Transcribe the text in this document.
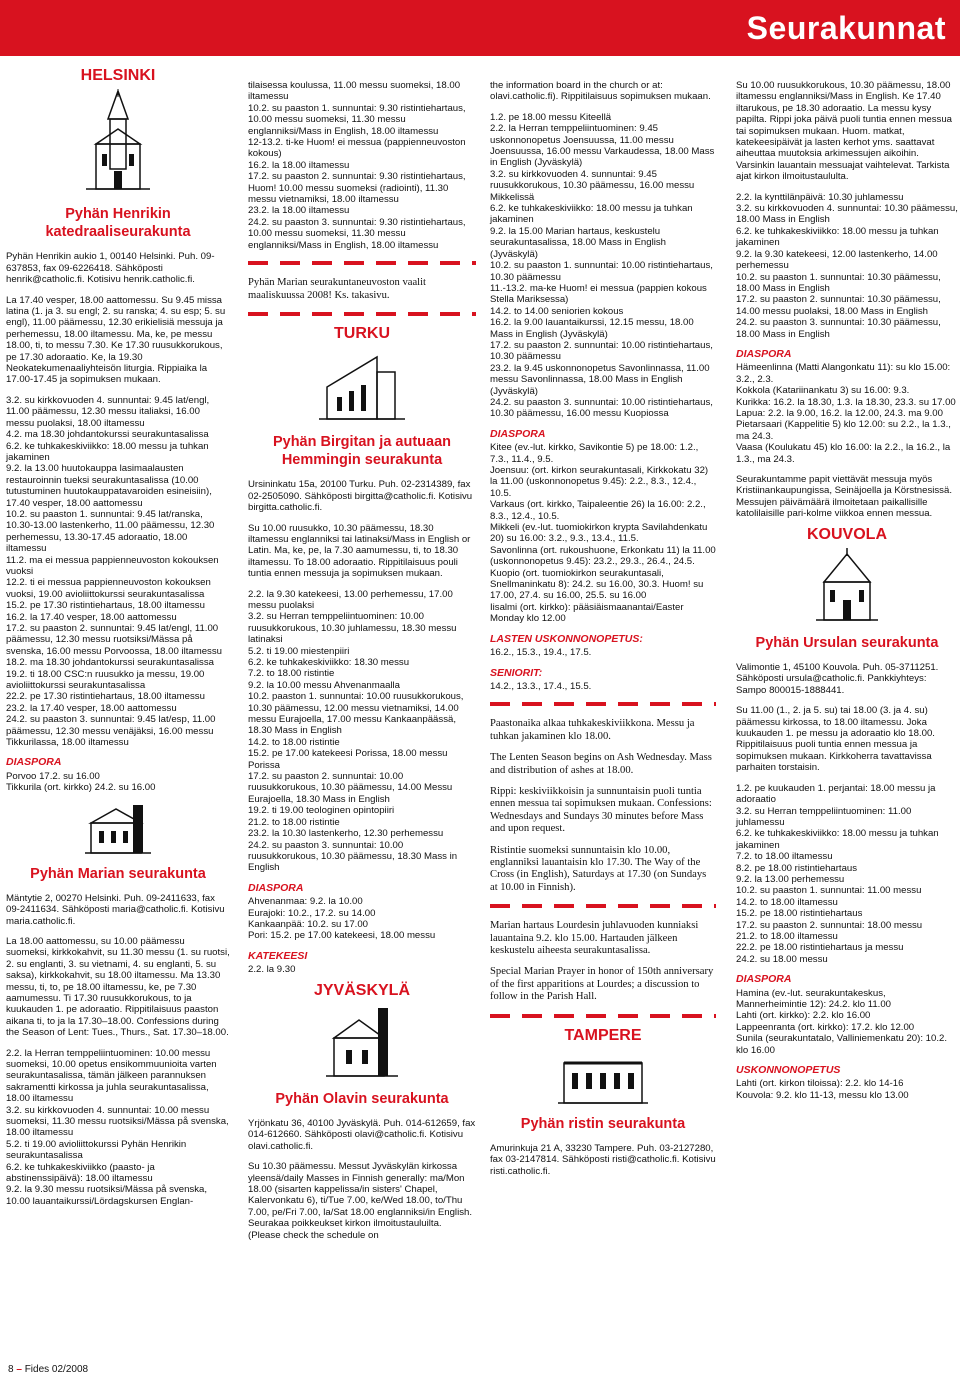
Seurakunnat
HELSINKI
Pyhän Henrikin katedraaliseurakunta

Pyhän Henrikin aukio 1, 00140 Helsinki. Puh. 09-637853, fax 09-6226418. Sähköposti henrik@catholic.fi. Kotisivu henrik.catholic.fi.

La 17.40 vesper, 18.00 aattomessu. Su 9.45 missa latina (1. ja 3. su engl; 2. su ranska; 4. su esp; 5. su engl), 11.00 päämessu, 12.30 erikielisiä messuja ja perhemessu, 18.00 iltamessu. Ma, ke, pe messu 18.00, ti, to messu 7.30. Ke 17.30 ruusukkorukous, pe 17.30 adoraatio. Ke, la 19.30 Neokatekumenaaliyhteisön liturgia. Rippiaika la 17.00-17.45 ja sopimuksen mukaan.

3.2. su kirkkovuoden 4. sunnuntai: 9.45 lat/engl, 11.00 päämessu, 12.30 messu italiaksi, 16.00 messu puolaksi, 18.00 iltamessu
4.2. ma 18.30 johdantokurssi seurakuntasalissa
6.2. ke tuhkakeskiviikko: 18.00 messu ja tuhkan jakaminen
9.2. la 13.00 huutokauppa lasimaalausten restauroinnin tueksi seurakuntasalissa (10.00 tutustuminen huutokauppatavaroiden esineisiin), 17.40 vesper, 18.00 aattomessu
10.2. su paaston 1. sunnuntai: 9.45 lat/ranska, 10.30-13.00 lastenkerho, 11.00 päämessu, 12.30 perhemessu, 13.30-17.45 adoraatio, 18.00 iltamessu
11.2. ma ei messua pappienneuvoston kokouksen vuoksi
12.2. ti ei messua pappienneuvoston kokouksen vuoksi, 19.00 avioliittokurssi seurakuntasalissa
15.2. pe 17.30 ristintiehartaus, 18.00 iltamessu
16.2. la 17.40 vesper, 18.00 aattomessu
17.2. su paaston 2. sunnuntai: 9.45 lat/engl, 11.00 päämessu, 12.30 messu ruotsiksi/Mässa på svenska, 16.00 messu Porvoossa, 18.00 iltamessu
18.2. ma 18.30 johdantokurssi seurakuntasalissa
19.2. ti 18.00 CSC:n ruusukko ja messu, 19.00 avioliittokurssi seurakuntasalissa
22.2. pe 17.30 ristintiehartaus, 18.00 iltamessu
23.2. la 17.40 vesper, 18.00 aattomessu
24.2. su paaston 3. sunnuntai: 9.45 lat/esp, 11.00 päämessu, 12.30 messu venäjäksi, 16.00 messu Tikkurilassa, 18.00 iltamessu

DIASPORA

Porvoo 17.2. su 16.00
Tikkurila (ort. kirkko) 24.2. su 16.00

Pyhän Marian seurakunta

Mäntytie 2, 00270 Helsinki. Puh. 09-2411633, fax 09-2411634. Sähköposti maria@catholic.fi. Kotisivu maria.catholic.fi.

La 18.00 aattomessu, su 10.00 päämessu suomeksi, kirkkokahvit, su 11.30 messu (1. su ruotsi, 2. su englanti, 3. su vietnami, 4. su englanti, 5. su saksa), kirkkokahvit, su 18.00 iltamessu. Ma 13.30 messu, ti, to, pe 18.00 iltamessu, ke, pe 7.30 aamumessu. Ti 17.30 ruusukkorukous, to ja kuukauden 1. pe adoraatio. Rippitilaisuus paaston aikana ti, to ja la 17.30–18.00. Confessions during the Season of Lent: Tues., Thurs., Sat. 17.30–18.00.

2.2. la Herran temppeliintuominen: 10.00 messu suomeksi, 10.00 opetus ensikommuunioita varten seurakuntasalissa, tämän jälkeen parannuksen sakramentti kirkossa ja juhla seurakuntasalissa, 18.00 iltamessu
3.2. su kirkkovuoden 4. sunnuntai: 10.00 messu suomeksi, 11.30 messu ruotsiksi/Mässa på svenska, 18.00 iltamessu
5.2. ti 19.00 avioliittokurssi Pyhän Henrikin seurakuntasalissa
6.2. ke tuhkakeskiviikko (paasto- ja abstinenssipäivä): 18.00 iltamessu
9.2. la 9.30 messu ruotsiksi/Mässa på svenska, 10.00 lauantaikurssi/Lördagskursen Englan-

tilaisessa koulussa, 11.00 messu suomeksi, 18.00 iltamessu
10.2. su paaston 1. sunnuntai: 9.30 ristintiehartaus, 10.00 messu suomeksi, 11.30 messu englanniksi/Mass in English, 18.00 iltamessu
12-13.2. ti-ke Huom! ei messua (pappienneuvoston kokous)
16.2. la 18.00 iltamessu
17.2. su paaston 2. sunnuntai: 9.30 ristintiehartaus, Huom! 10.00 messu suomeksi (radiointi), 11.30 messu vietnamiksi, 18.00 iltamessu
23.2. la 18.00 iltamessu
24.2. su paaston 3. sunnuntai: 9.30 ristintiehartaus, 10.00 messu suomeksi, 11.30 messu englanniksi/Mass in English, 18.00 iltamessu

Pyhän Marian seurakuntaneuvoston vaalit maaliskuussa 2008! Ks. takasivu.

TURKU
Pyhän Birgitan ja autuaan Hemmingin seurakunta

Ursininkatu 15a, 20100 Turku. Puh. 02-2314389, fax 02-2505090. Sähköposti birgitta@catholic.fi. Kotisivu birgitta.catholic.fi.

Su 10.00 ruusukko, 10.30 päämessu, 18.30 iltamessu englanniksi tai latinaksi/Mass in English or Latin. Ma, ke, pe, la 7.30 aamumessu, ti, to 18.30 iltamessu. To 18.00 adoraatio. Rippitilaisuus pouli tuntia ennen messuja ja sopimuksen mukaan.

2.2. la 9.30 katekeesi, 13.00 perhemessu, 17.00 messu puolaksi
3.2. su Herran temppeliintuominen: 10.00 ruusukkorukous, 10.30 juhlamessu, 18.30 messu latinaksi
5.2. ti 19.00 miestenpiiri
6.2. ke tuhkakeskiviikko: 18.30 messu
7.2. to 18.00 ristintie
9.2. la 10.00 messu Ahvenanmaalla
10.2. paaston 1. sunnuntai: 10.00 ruusukkorukous, 10.30 päämessu, 12.00 messu vietnamiksi, 14.00 messu Eurajoella, 17.00 messu Kankaanpäässä, 18.30 Mass in English
14.2. to 18.00 ristintie
15.2. pe 17.00 katekeesi Porissa, 18.00 messu Porissa
17.2. su paaston 2. sunnuntai: 10.00 ruusukkorukous, 10.30 päämessu, 14.00 Messu Eurajoella, 18.30 Mass in English
19.2. ti 19.00 teologinen opintopiiri
21.2. to 18.00 ristintie
23.2. la 10.30 lastenkerho, 12.30 perhemessu
24.2. su paaston 3. sunnuntai: 10.00 ruusukkorukous, 10.30 päämessu, 18.30 Mass in English

DIASPORA

Ahvenanmaa: 9.2. la 10.00
Eurajoki: 10.2., 17.2. su 14.00
Kankaanpää: 10.2. su 17.00
Pori: 15.2. pe 17.00 katekeesi, 18.00 messu

KATEKEESI

2.2. la 9.30

JYVÄSKYLÄ
Pyhän Olavin seurakunta

Yrjönkatu 36, 40100 Jyväskylä. Puh. 014-612659, fax 014-612660. Sähköposti olavi@catholic.fi. Kotisivu olavi.catholic.fi.

Su 10.30 päämessu. Messut Jyväskylän kirkossa yleensä/daily Masses in Finnish generally: ma/Mon 18.00 (sisarten kappelissa/in sisters' Chapel, Kalervonkatu 6), ti/Tue 7.00, ke/Wed 18.00, to/Thu 7.00, pe/Fri 7.00, la/Sat 18.00 englanniksi/in English. Seurakaa poikkeukset kirkon ilmoitustauluilta. (Please check the schedule on

the information board in the church or at: olavi.catholic.fi). Rippitilaisuus sopimuksen mukaan.

1.2. pe 18.00 messu Kiteellä
2.2. la Herran temppeliintuominen: 9.45 uskonnonopetus Joensuussa, 11.00 messu Joensuussa, 16.00 messu Varkaudessa, 18.00 Mass in English (Jyväskylä)
3.2. su kirkkovuoden 4. sunnuntai: 9.45 ruusukkorukous, 10.30 päämessu, 16.00 messu Mikkelissä
6.2. ke tuhkakeskiviikko: 18.00 messu ja tuhkan jakaminen
9.2. la 15.00 Marian hartaus, keskustelu seurakuntasalissa, 18.00 Mass in English (Jyväskylä)
10.2. su paaston 1. sunnuntai: 10.00 ristintiehartaus, 10.30 päämessu
11.-13.2. ma-ke Huom! ei messua (pappien kokous Stella Mariksessa)
14.2. to 14.00 seniorien kokous
16.2. la 9.00 lauantaikurssi, 12.15 messu, 18.00 Mass in English (Jyväskylä)
17.2. su paaston 2. sunnuntai: 10.00 ristintiehartaus, 10.30 päämessu
23.2. la 9.45 uskonnonopetus Savonlinnassa, 11.00 messu Savonlinnassa, 18.00 Mass in English (Jyväskylä)
24.2. su paaston 3. sunnuntai: 10.00 ristintiehartaus, 10.30 päämessu, 16.00 messu Kuopiossa

DIASPORA

Kitee (ev.-lut. kirkko, Savikontie 5) pe 18.00: 1.2., 7.3., 11.4., 9.5.
Joensuu: (ort. kirkon seurakuntasali, Kirkkokatu 32) la 11.00 (uskonnonopetus 9.45): 2.2., 8.3., 12.4., 10.5.
Varkaus (ort. kirkko, Taipaleentie 26) la 16.00: 2.2., 8.3., 12.4., 10.5.
Mikkeli (ev.-lut. tuomiokirkon krypta Savilahdenkatu 20) su 16.00: 3.2., 9.3., 13.4., 11.5.
Savonlinna (ort. rukoushuone, Erkonkatu 11) la 11.00 (uskonnonopetus 9.45): 23.2., 29.3., 26.4., 24.5.
Kuopio (ort. tuomiokirkon seurakuntasali, Snellmaninkatu 8): 24.2. su 16.00, 30.3. Huom! su 17.00, 27.4. su 16.00, 25.5. su 16.00
Iisalmi (ort. kirkko): pääsiäismaanantai/Easter Monday klo 12.00

LASTEN USKONNONOPETUS:

16.2., 15.3., 19.4., 17.5.

SENIORIT:

14.2., 13.3., 17.4., 15.5.

Paastonaika alkaa tuhkakeskiviikkona. Messu ja tuhkan jakaminen klo 18.00.

The Lenten Season begins on Ash Wednesday. Mass and distribution of ashes at 18.00.

Rippi: keskiviikkoisin ja sunnuntaisin puoli tuntia ennen messua tai sopimuksen mukaan. Confessions: Wednesdays and Sundays 30 minutes before Mass and upon request.

Ristintie suomeksi sunnuntaisin klo 10.00, englanniksi lauantaisin klo 17.30. The Way of the Cross (in English), Saturdays at 17.30 (on Sundays at 10.00 in Finnish).

Marian hartaus Lourdesin juhlavuoden kunniaksi lauantaina 9.2. klo 15.00. Hartauden jälkeen keskustelu aiheesta seurakuntasalissa.

Special Marian Prayer in honor of 150th anniversary of the first apparitions at Lourdes; a discussion to follow in the Parish Hall.

TAMPERE
Pyhän ristin seurakunta

Amurinkuja 21 A, 33230 Tampere. Puh. 03-2127280, fax 03-2147814. Sähköposti risti@catholic.fi. Kotisivu risti.catholic.fi.

Su 10.00 ruusukkorukous, 10.30 päämessu, 18.00 iltamessu englanniksi/Mass in English. Ke 17.40 iltarukous, pe 18.30 adoraatio. La messu kysy papilta. Rippi joka päivä puoli tuntia ennen messua tai sopimuksen mukaan. Huom. matkat, katekeesipäivät ja lasten kerhot yms. saattavat aiheuttaa muutoksia arkimessujen aikoihin. Varsinkin lauantain messuajat vaihtelevat. Tarkista ajat kirkon ilmoitustaululta.

2.2. la kynttilänpäivä: 10.30 juhlamessu
3.2. su kirkkovuoden 4. sunnuntai: 10.30 päämessu, 18.00 Mass in English
6.2. ke tuhkakeskiviikko: 18.00 messu ja tuhkan jakaminen
9.2. la 9.30 katekeesi, 12.00 lastenkerho, 14.00 perhemessu
10.2. su paaston 1. sunnuntai: 10.30 päämessu, 18.00 Mass in English
17.2. su paaston 2. sunnuntai: 10.30 päämessu, 14.00 messu puolaksi, 18.00 Mass in English
24.2. su paaston 3. sunnuntai: 10.30 päämessu, 18.00 Mass in English

DIASPORA

Hämeenlinna (Matti Alangonkatu 11): su klo 15.00: 3.2., 2.3.
Kokkola (Katariinankatu 3) su 16.00: 9.3.
Kurikka: 16.2. la 18.30, 1.3. la 18.30, 23.3. su 17.00
Lapua: 2.2. la 9.00, 16.2. la 12.00, 24.3. ma 9.00
Pietarsaari (Kappelitie 5) klo 12.00: su 2.2., la 1.3., ma 24.3.
Vaasa (Koulukatu 45) klo 16.00: la 2.2., la 16.2., la 1.3., ma 24.3.

Seurakuntamme papit viettävät messuja myös Kristiinankaupungissa, Seinäjoella ja Körstnesissä. Messujen päivämäärä ilmoitetaan paikallisille katolilaisille pari-kolme viikkoa ennen messua.

KOUVOLA
Pyhän Ursulan seurakunta

Valimontie 1, 45100 Kouvola. Puh. 05-3711251. Sähköposti ursula@catholic.fi. Pankkiyhteys: Sampo 800015-1888441.

Su 11.00 (1., 2. ja 5. su) tai 18.00 (3. ja 4. su) päämessu kirkossa, to 18.00 iltamessu. Joka kuukauden 1. pe messu ja adoraatio klo 18.00. Rippitilaisuus puoli tuntia ennen messua ja sopimuksen mukaan. Kirkkoherra tavattavissa parhaiten torstaisin.

1.2. pe kuukauden 1. perjantai: 18.00 messu ja adoraatio
3.2. su Herran temppeliintuominen: 11.00 juhlamessu
6.2. ke tuhkakeskiviikko: 18.00 messu ja tuhkan jakaminen
7.2. to 18.00 iltamessu
8.2. pe 18.00 ristintiehartaus
9.2. la 13.00 perhemessu
10.2. su paaston 1. sunnuntai: 11.00 messu
14.2. to 18.00 iltamessu
15.2. pe 18.00 ristintiehartaus
17.2. su paaston 2. sunnuntai: 18.00 messu
21.2. to 18.00 iltamessu
22.2. pe 18.00 ristintiehartaus ja messu
24.2. su 18.00 messu

DIASPORA

Hamina (ev.-lut. seurakuntakeskus, Mannerheimintie 12): 24.2. klo 11.00
Lahti (ort. kirkko): 2.2. klo 16.00
Lappeenranta (ort. kirkko): 17.2. klo 12.00
Sunila (seurakuntatalo, Valliniemenkatu 20): 10.2. klo 16.00

USKONNONOPETUS

Lahti (ort. kirkon tiloissa): 2.2. klo 14-16
Kouvola: 9.2. klo 11-13, messu klo 13.00

8 – Fides 02/2008
